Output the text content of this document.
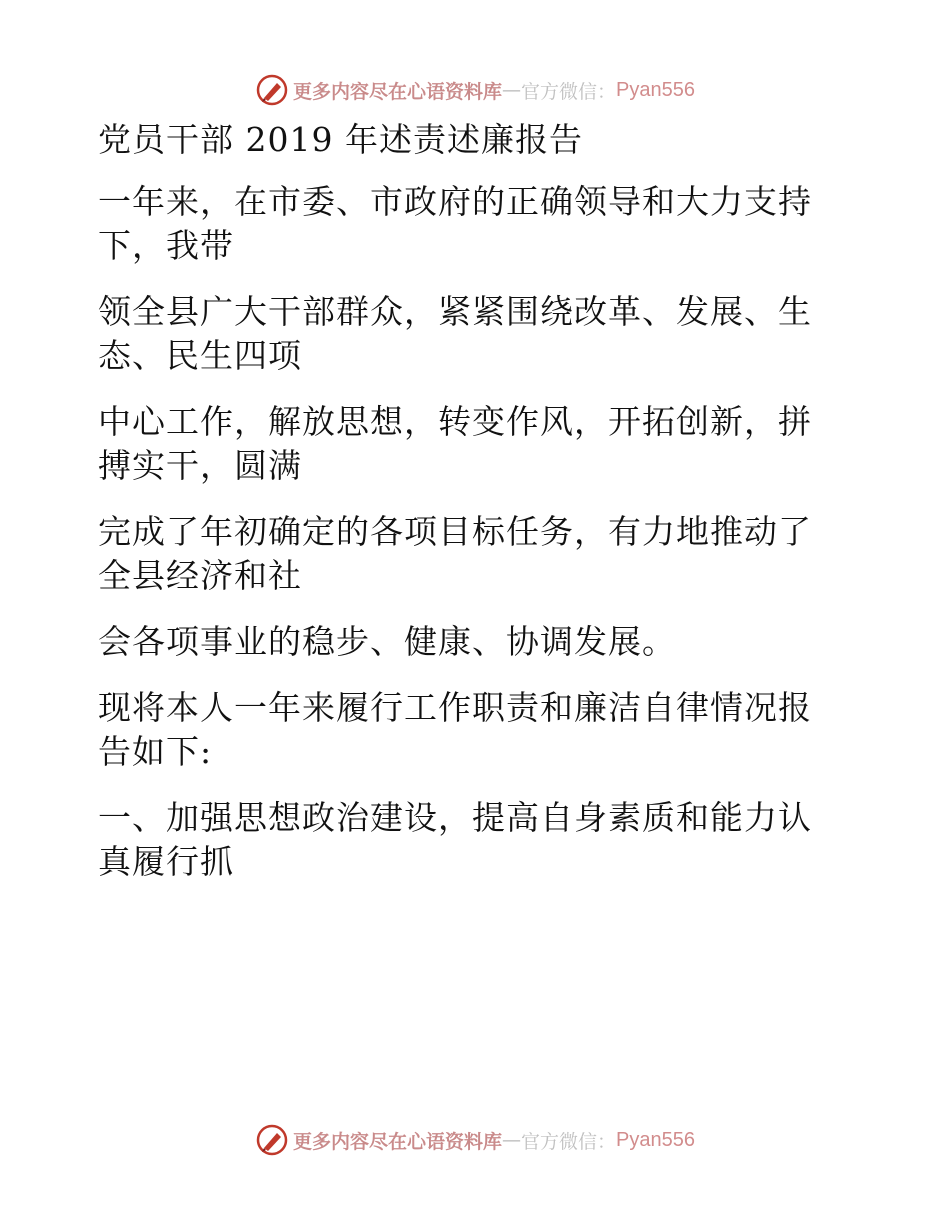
更多内容尽在心语资料库 — 官方微信： Pyan556

党员干部 2019 年述责述廉报告

一年来，在市委、市政府的正确领导和大力支持

下，我带

领全县广大干部群众，紧紧围绕改革、发展、生

态、民生四项

中心工作，解放思想，转变作风，开拓创新，拼

搏实干，圆满

完成了年初确定的各项目标任务，有力地推动了

全县经济和社

会各项事业的稳步、健康、协调发展。

现将本人一年来履行工作职责和廉洁自律情况报

告如下:

一、加强思想政治建设，提高自身素质和能力认

真履行抓

更多内容尽在心语资料库 — 官方微信： Pyan556
